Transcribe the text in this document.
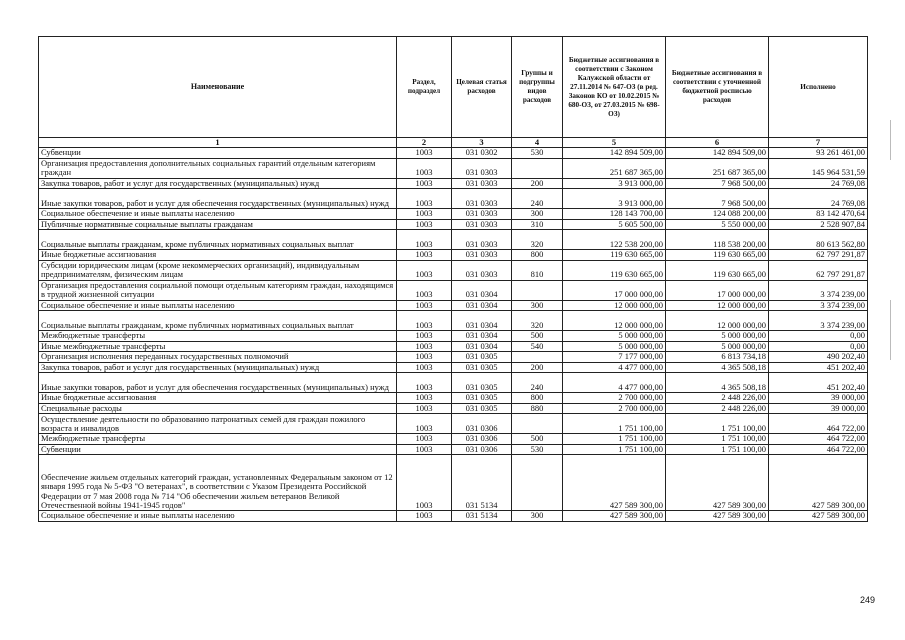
Наименование	Раздел, подраздел	Целевая статья расходов	Группы и подгруппы видов расходов	Бюджетные ассигнования в соответствии с Законом Калужской области от 27.11.2014 № 647-ОЗ (в ред. Законов КО от 10.02.2015 № 680-ОЗ, от 27.03.2015 № 698-ОЗ)	Бюджетные ассигнования в соответствии с уточненной бюджетной росписью расходов	Исполнено
1	2	3	4	5	6	7
Субвенции	1003	031 0302	530	142 894 509,00	142 894 509,00	93 261 461,00
Организация предоставления дополнительных социальных гарантий отдельным категориям граждан	1003	031 0303		251 687 365,00	251 687 365,00	145 964 531,59
Закупка товаров, работ и услуг для государственных (муниципальных) нужд	1003	031 0303	200	3 913 000,00	7 968 500,00	24 769,08
Иные закупки товаров, работ и услуг для обеспечения государственных (муниципальных) нужд	1003	031 0303	240	3 913 000,00	7 968 500,00	24 769,08
Социальное обеспечение и иные выплаты населению	1003	031 0303	300	128 143 700,00	124 088 200,00	83 142 470,64
Публичные нормативные социальные выплаты гражданам	1003	031 0303	310	5 605 500,00	5 550 000,00	2 528 907,84
Социальные выплаты гражданам, кроме публичных нормативных социальных выплат	1003	031 0303	320	122 538 200,00	118 538 200,00	80 613 562,80
Иные бюджетные ассигнования	1003	031 0303	800	119 630 665,00	119 630 665,00	62 797 291,87
Субсидии юридическим лицам (кроме некоммерческих организаций), индивидуальным предпринимателям, физическим лицам	1003	031 0303	810	119 630 665,00	119 630 665,00	62 797 291,87
Организация предоставления социальной помощи отдельным категориям граждан, находящимся в трудной жизненной ситуации	1003	031 0304		17 000 000,00	17 000 000,00	3 374 239,00
Социальное обеспечение и иные выплаты населению	1003	031 0304	300	12 000 000,00	12 000 000,00	3 374 239,00
Социальные выплаты гражданам, кроме публичных нормативных социальных выплат	1003	031 0304	320	12 000 000,00	12 000 000,00	3 374 239,00
Межбюджетные трансферты	1003	031 0304	500	5 000 000,00	5 000 000,00	0,00
Иные межбюджетные трансферты	1003	031 0304	540	5 000 000,00	5 000 000,00	0,00
Организация исполнения переданных государственных полномочий	1003	031 0305		7 177 000,00	6 813 734,18	490 202,40
Закупка товаров, работ и услуг для государственных (муниципальных) нужд	1003	031 0305	200	4 477 000,00	4 365 508,18	451 202,40
Иные закупки товаров, работ и услуг для обеспечения государственных (муниципальных) нужд	1003	031 0305	240	4 477 000,00	4 365 508,18	451 202,40
Иные бюджетные ассигнования	1003	031 0305	800	2 700 000,00	2 448 226,00	39 000,00
Специальные расходы	1003	031 0305	880	2 700 000,00	2 448 226,00	39 000,00
Осуществление деятельности по образованию патронатных семей для граждан пожилого возраста и инвалидов	1003	031 0306		1 751 100,00	1 751 100,00	464 722,00
Межбюджетные трансферты	1003	031 0306	500	1 751 100,00	1 751 100,00	464 722,00
Субвенции	1003	031 0306	530	1 751 100,00	1 751 100,00	464 722,00
Обеспечение жильем отдельных категорий граждан, установленных Федеральным законом от 12 января 1995 года № 5-ФЗ "О ветеранах", в соответствии с Указом Президента Российской Федерации от 7 мая 2008 года № 714 "Об обеспечении жильем ветеранов Великой Отечественной войны 1941-1945 годов"	1003	031 5134		427 589 300,00	427 589 300,00	427 589 300,00
Социальное обеспечение и иные выплаты населению	1003	031 5134	300	427 589 300,00	427 589 300,00	427 589 300,00
249
